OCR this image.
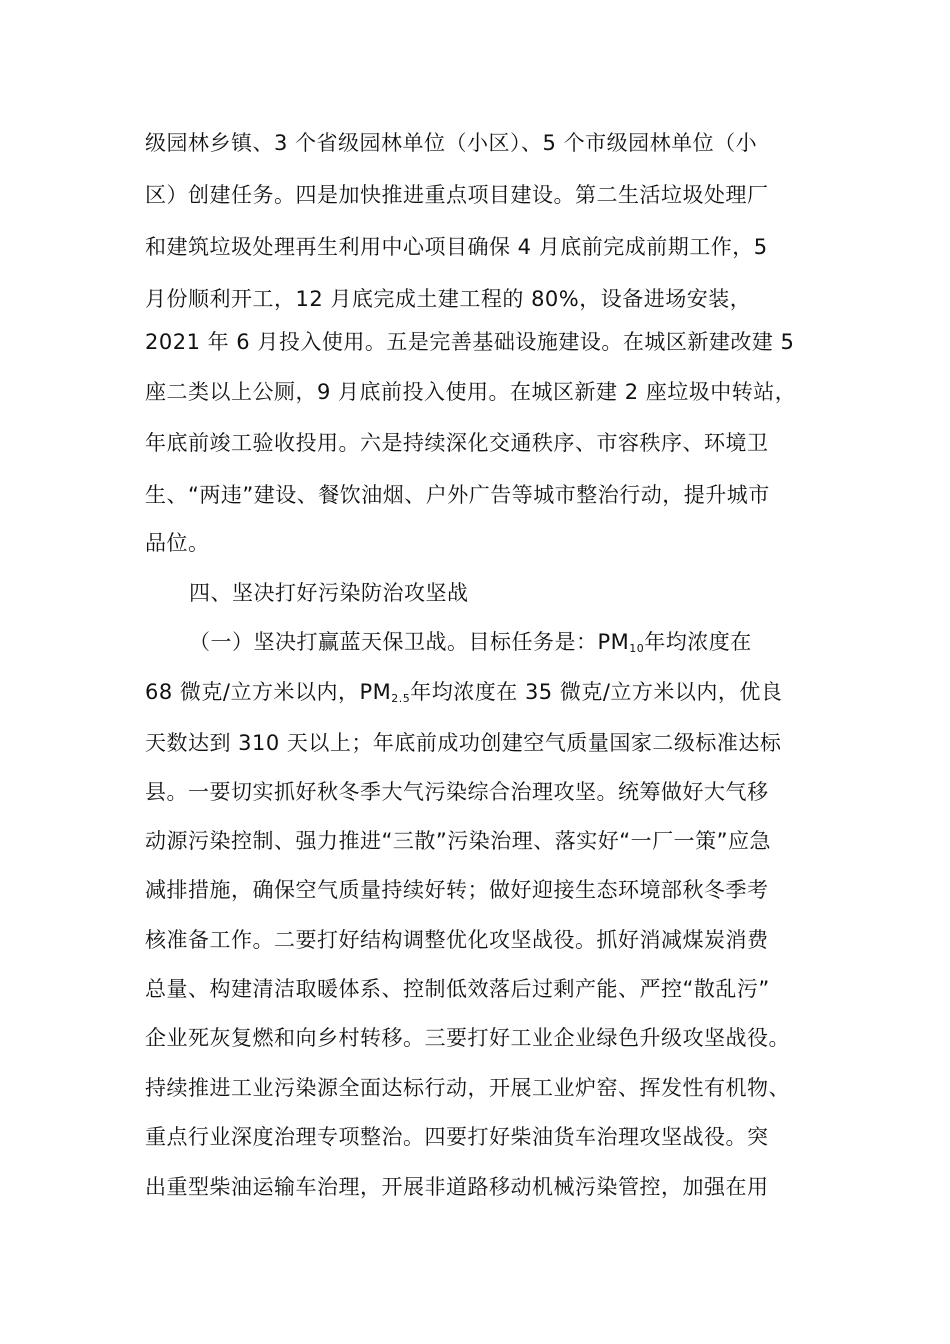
级园林乡镇、3 个省级园林单位（小区）、5 个市级园林单位（小
区）创建任务。四是加快推进重点项目建设。第二生活垃圾处理厂
和建筑垃圾处理再生利用中心项目确保 4 月底前完成前期工作，5
月份顺利开工，12 月底完成土建工程的 80%，设备进场安装，
2021 年 6 月投入使用。五是完善基础设施建设。在城区新建改建 5
座二类以上公厕，9 月底前投入使用。在城区新建 2 座垃圾中转站，
年底前竣工验收投用。六是持续深化交通秩序、市容秩序、环境卫
生、“两违”建设、餐饮油烟、户外广告等城市整治行动，提升城市
品位。
四、坚决打好污染防治攻坚战
（一）坚决打赢蓝天保卫战。目标任务是：$PM_{10}$年均浓度在
68 微克/立方米以内，$PM_{2.5}$年均浓度在 35 微克/立方米以内，优良
天数达到 310 天以上；年底前成功创建空气质量国家二级标准达标
县。一要切实抓好秋冬季大气污染综合治理攻坚。统筹做好大气移
动源污染控制、强力推进“三散”污染治理、落实好“一厂一策”应急
减排措施，确保空气质量持续好转；做好迎接生态环境部秋冬季考
核准备工作。二要打好结构调整优化攻坚战役。抓好消减煤炭消费
总量、构建清洁取暖体系、控制低效落后过剩产能、严控“散乱污”
企业死灰复燃和向乡村转移。三要打好工业企业绿色升级攻坚战役。
持续推进工业污染源全面达标行动，开展工业炉窑、挥发性有机物、
重点行业深度治理专项整治。四要打好柴油货车治理攻坚战役。突
出重型柴油运输车治理，开展非道路移动机械污染管控，加强在用
